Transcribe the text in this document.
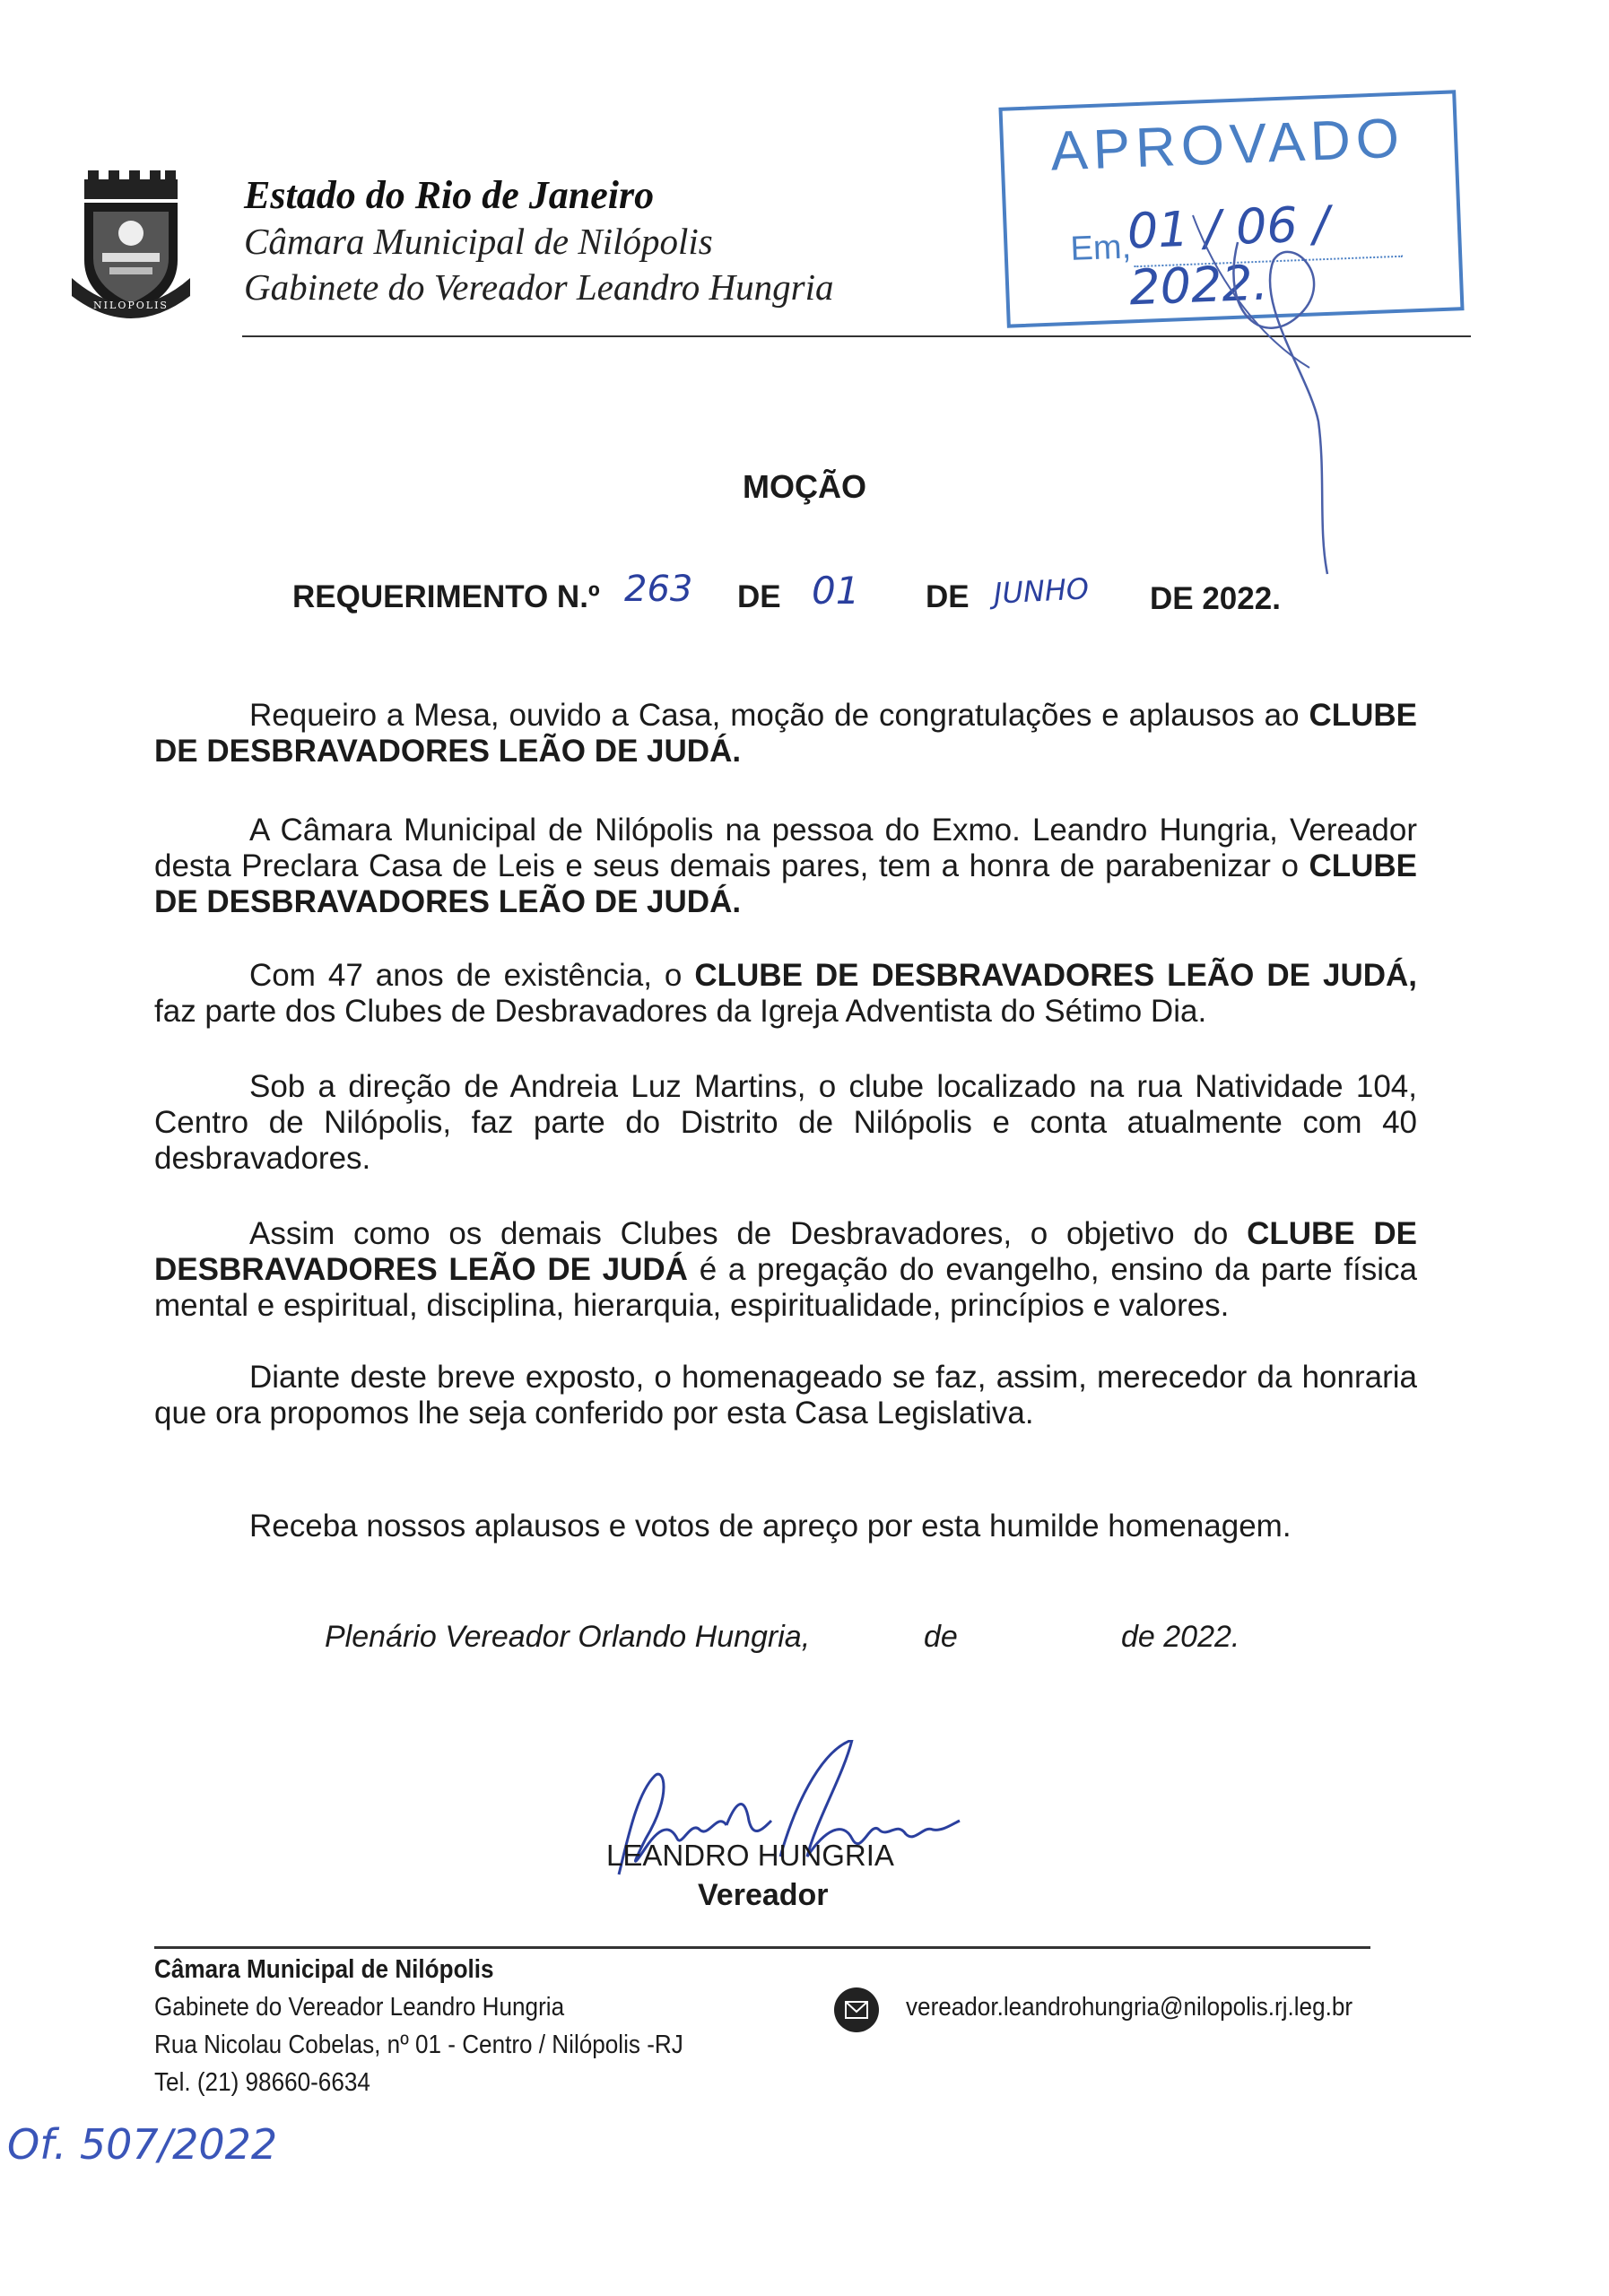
NILOPOLIS
Estado do Rio de Janeiro
Câmara Municipal de Nilópolis
Gabinete do Vereador Leandro Hungria
APROVADO
Em,
01 / 06 / 2022.
MOÇÃO
REQUERIMENTO N.º 263 DE 01 DE JUNHO DE 2022.

Requeiro a Mesa, ouvido a Casa, moção de congratulações e aplausos ao CLUBE DE DESBRAVADORES LEÃO DE JUDÁ.

A Câmara Municipal de Nilópolis na pessoa do Exmo. Leandro Hungria, Vereador desta Preclara Casa de Leis e seus demais pares, tem a honra de parabenizar o CLUBE DE DESBRAVADORES LEÃO DE JUDÁ.

Com 47 anos de existência, o CLUBE DE DESBRAVADORES LEÃO DE JUDÁ, faz parte dos Clubes de Desbravadores da Igreja Adventista do Sétimo Dia.

Sob a direção de Andreia Luz Martins, o clube localizado na rua Natividade 104, Centro de Nilópolis, faz parte do Distrito de Nilópolis e conta atualmente com 40 desbravadores.

Assim como os demais Clubes de Desbravadores, o objetivo do CLUBE DE DESBRAVADORES LEÃO DE JUDÁ é a pregação do evangelho, ensino da parte física mental e espiritual, disciplina, hierarquia, espiritualidade, princípios e valores.

Diante deste breve exposto, o homenageado se faz, assim, merecedor da honraria que ora propomos lhe seja conferido por esta Casa Legislativa.

Receba nossos aplausos e votos de apreço por esta humilde homenagem.

Plenário Vereador Orlando Hungria,	de	de 2022.
LEANDRO HUNGRIA
Vereador
Câmara Municipal de Nilópolis
Gabinete do Vereador Leandro Hungria
Rua Nicolau Cobelas, nº 01 - Centro / Nilópolis -RJ
Tel. (21) 98660-6634
vereador.leandrohungria@nilopolis.rj.leg.br
Of. 507/2022
